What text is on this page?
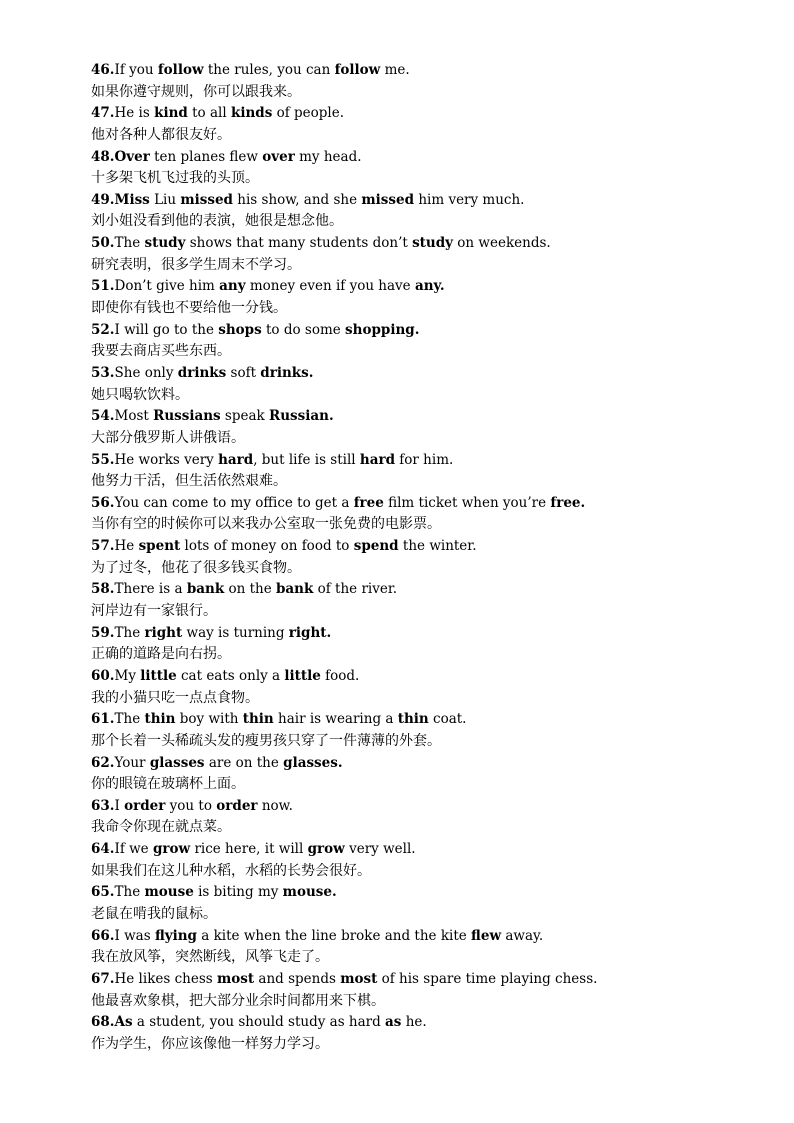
46.If you follow the rules, you can follow me.
如果你遵守规则，你可以跟我来。
47.He is kind to all kinds of people.
他对各种人都很友好。
48.Over ten planes flew over my head.
十多架飞机飞过我的头顶。
49.Miss Liu missed his show, and she missed him very much.
刘小姐没看到他的表演，她很是想念他。
50.The study shows that many students don’t study on weekends.
研究表明，很多学生周末不学习。
51.Don’t give him any money even if you have any.
即使你有钱也不要给他一分钱。
52.I will go to the shops to do some shopping.
我要去商店买些东西。
53.She only drinks soft drinks.
她只喝软饮料。
54.Most Russians speak Russian.
大部分俄罗斯人讲俄语。
55.He works very hard, but life is still hard for him.
他努力干活，但生活依然艰难。
56.You can come to my office to get a free film ticket when you’re free.
当你有空的时候你可以来我办公室取一张免费的电影票。
57.He spent lots of money on food to spend the winter.
为了过冬，他花了很多钱买食物。
58.There is a bank on the bank of the river.
河岸边有一家银行。
59.The right way is turning right.
正确的道路是向右拐。
60.My little cat eats only a little food.
我的小猫只吃一点点食物。
61.The thin boy with thin hair is wearing a thin coat.
那个长着一头稀疏头发的瘦男孩只穿了一件薄薄的外套。
62.Your glasses are on the glasses.
你的眼镜在玻璃杯上面。
63.I order you to order now.
我命令你现在就点菜。
64.If we grow rice here, it will grow very well.
如果我们在这儿种水稻，水稻的长势会很好。
65.The mouse is biting my mouse.
老鼠在啃我的鼠标。
66.I was flying a kite when the line broke and the kite flew away.
我在放风筝，突然断线，风筝飞走了。
67.He likes chess most and spends most of his spare time playing chess.
他最喜欢象棋，把大部分业余时间都用来下棋。
68.As a student, you should study as hard as he.
作为学生，你应该像他一样努力学习。
